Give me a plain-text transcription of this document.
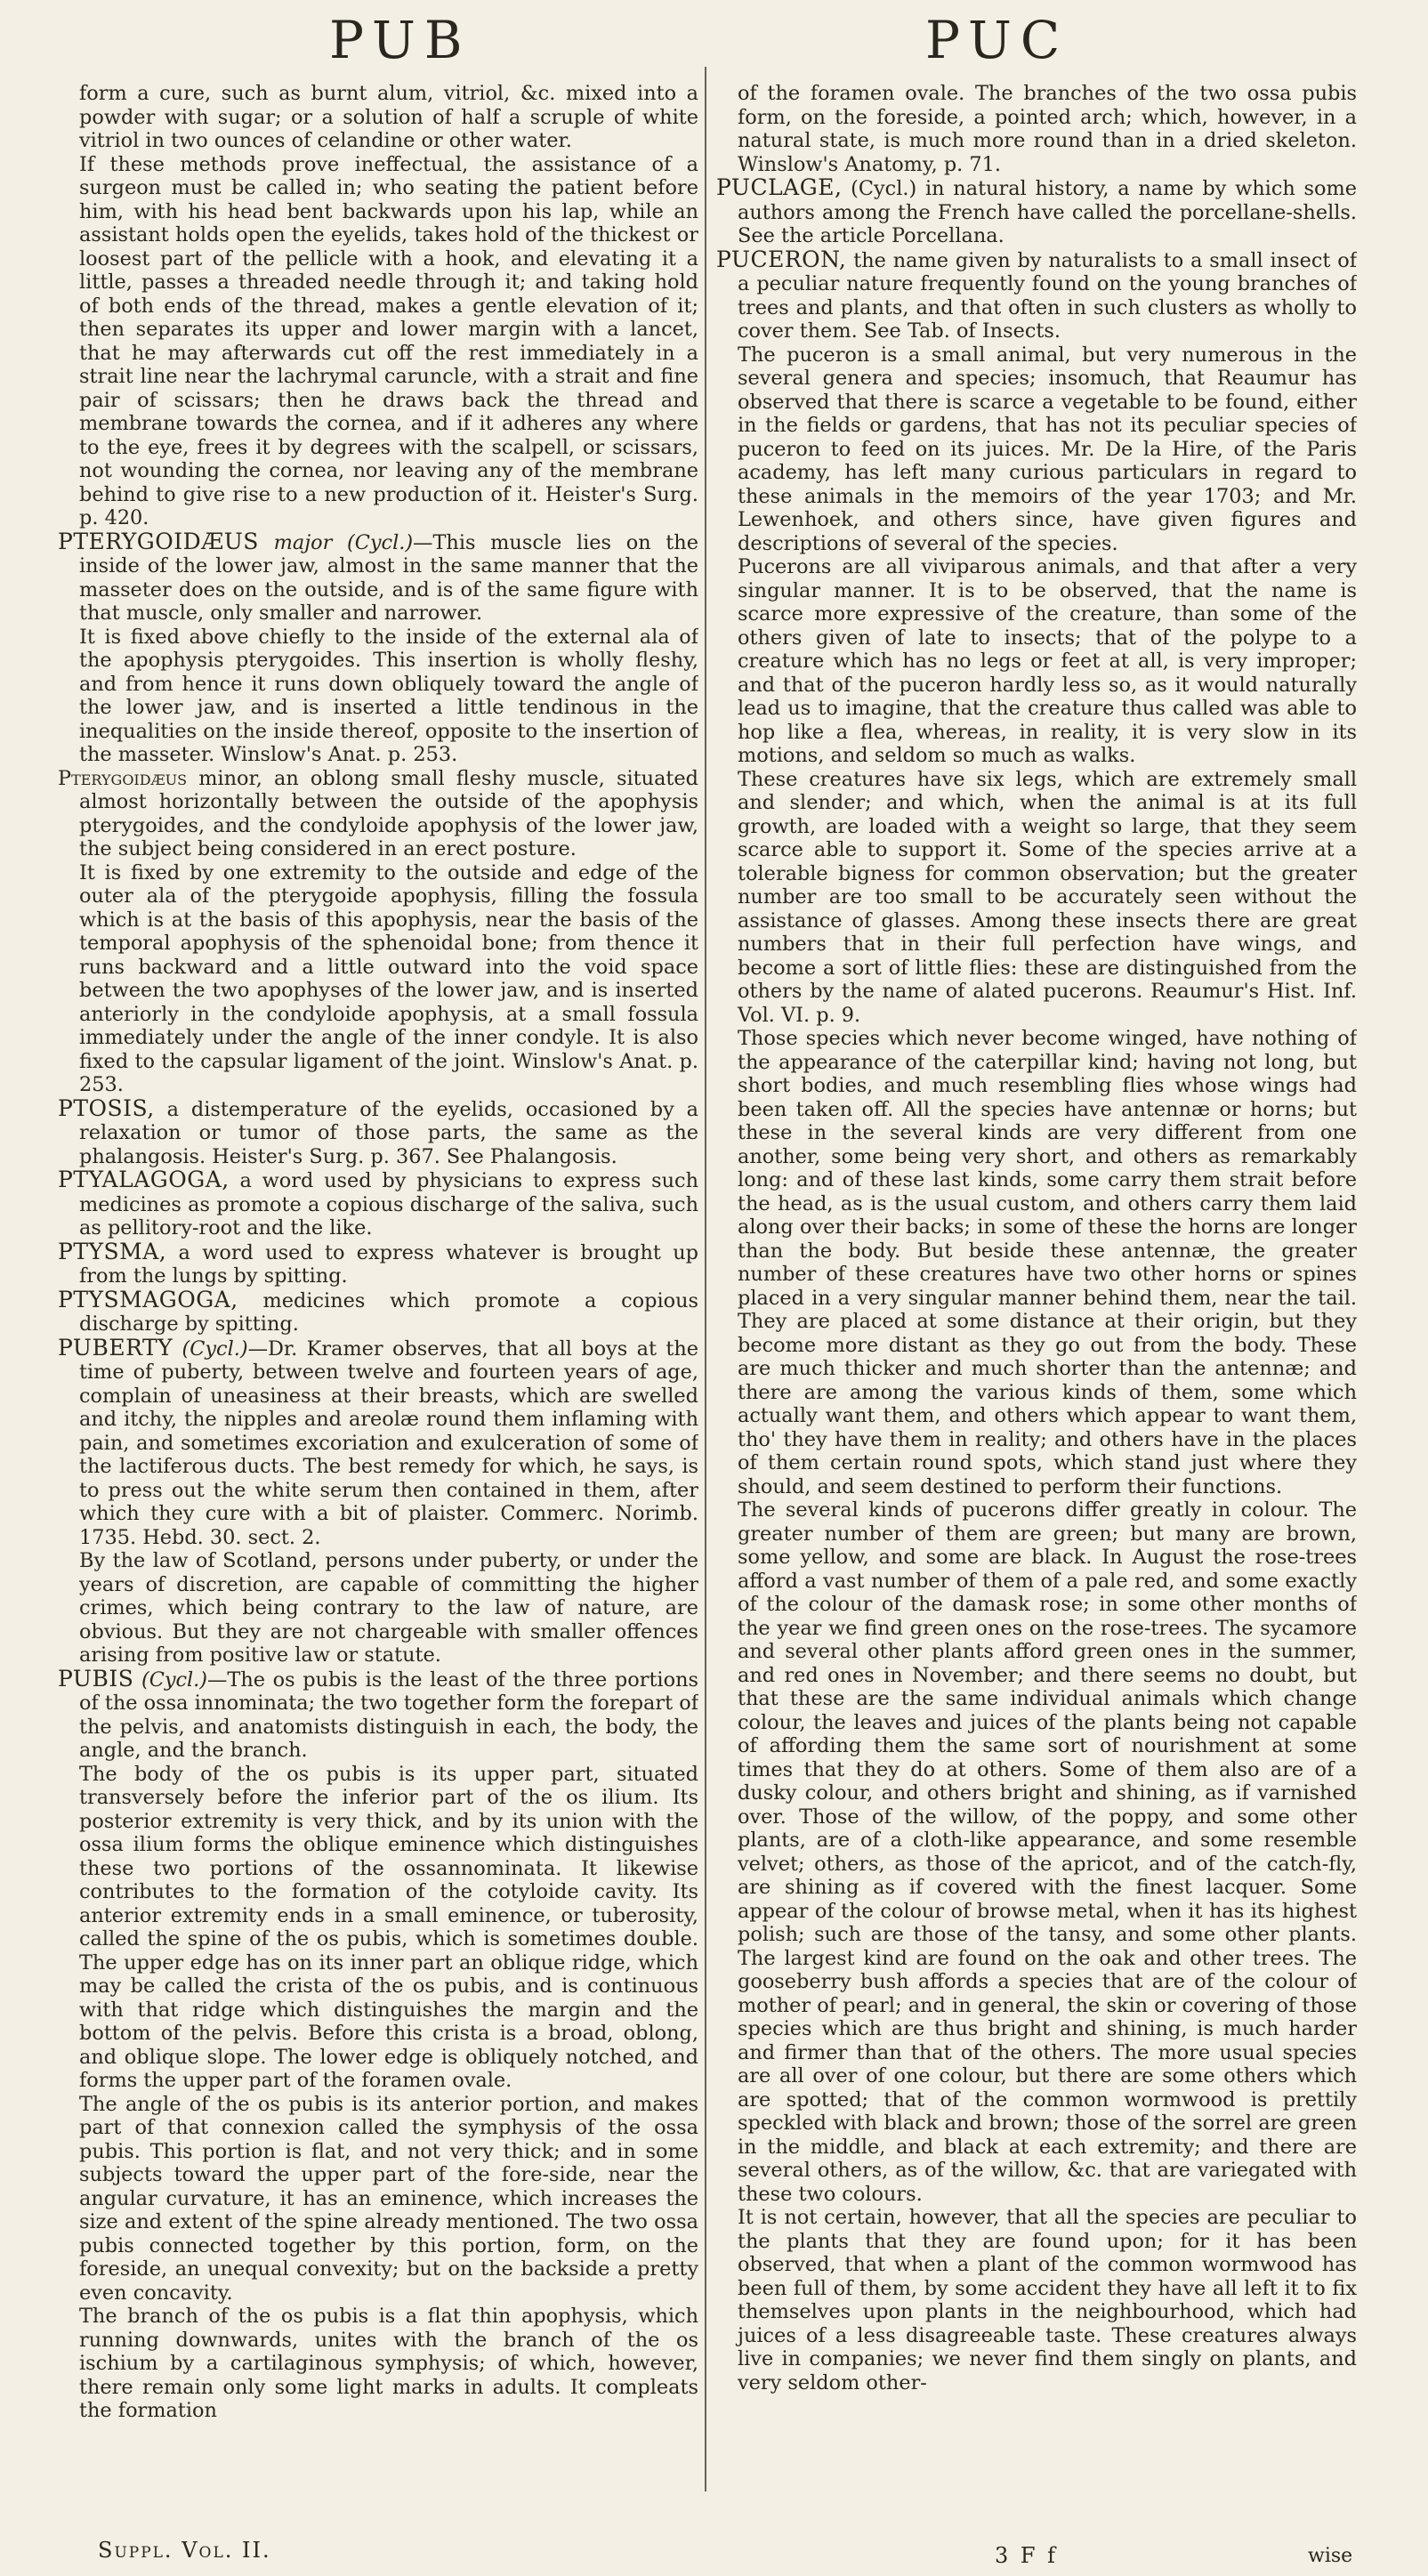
PUB	PUC

form a cure, such as burnt alum, vitriol, &c. mixed into a powder with sugar; or a solution of half a scruple of white vitriol in two ounces of celandine or other water.

If these methods prove ineffectual, the assistance of a surgeon must be called in; who seating the patient before him, with his head bent backwards upon his lap, while an assistant holds open the eyelids, takes hold of the thickest or loosest part of the pellicle with a hook, and elevating it a little, passes a threaded needle through it; and taking hold of both ends of the thread, makes a gentle elevation of it; then separates its upper and lower margin with a lancet, that he may afterwards cut off the rest immediately in a strait line near the lachrymal caruncle, with a strait and fine pair of scissars; then he draws back the thread and membrane towards the cornea, and if it adheres any where to the eye, frees it by degrees with the scalpell, or scissars, not wounding the cornea, nor leaving any of the membrane behind to give rise to a new production of it. Heister's Surg. p. 420.

PTERYGOIDÆUS major (Cycl.)—This muscle lies on the inside of the lower jaw, almost in the same manner that the masseter does on the outside, and is of the same figure with that muscle, only smaller and narrower.

It is fixed above chiefly to the inside of the external ala of the apophysis pterygoides. This insertion is wholly fleshy, and from hence it runs down obliquely toward the angle of the lower jaw, and is inserted a little tendinous in the inequalities on the inside thereof, opposite to the insertion of the masseter. Winslow's Anat. p. 253.

Pterygoidæus minor, an oblong small fleshy muscle, situated almost horizontally between the outside of the apophysis pterygoides, and the condyloide apophysis of the lower jaw, the subject being considered in an erect posture.

It is fixed by one extremity to the outside and edge of the outer ala of the pterygoide apophysis, filling the fossula which is at the basis of this apophysis, near the basis of the temporal apophysis of the sphenoidal bone; from thence it runs backward and a little outward into the void space between the two apophyses of the lower jaw, and is inserted anteriorly in the condyloide apophysis, at a small fossula immediately under the angle of the inner condyle. It is also fixed to the capsular ligament of the joint. Winslow's Anat. p. 253.

PTOSIS, a distemperature of the eyelids, occasioned by a relaxation or tumor of those parts, the same as the phalangosis. Heister's Surg. p. 367. See Phalangosis.

PTYALAGOGA, a word used by physicians to express such medicines as promote a copious discharge of the saliva, such as pellitory-root and the like.

PTYSMA, a word used to express whatever is brought up from the lungs by spitting.

PTYSMAGOGA, medicines which promote a copious discharge by spitting.

PUBERTY (Cycl.)—Dr. Kramer observes, that all boys at the time of puberty, between twelve and fourteen years of age, complain of uneasiness at their breasts, which are swelled and itchy, the nipples and areolæ round them inflaming with pain, and sometimes excoriation and exulceration of some of the lactiferous ducts. The best remedy for which, he says, is to press out the white serum then contained in them, after which they cure with a bit of plaister. Commerc. Norimb. 1735. Hebd. 30. sect. 2.

By the law of Scotland, persons under puberty, or under the years of discretion, are capable of committing the higher crimes, which being contrary to the law of nature, are obvious. But they are not chargeable with smaller offences arising from positive law or statute.

PUBIS (Cycl.)—The os pubis is the least of the three portions of the ossa innominata; the two together form the forepart of the pelvis, and anatomists distinguish in each, the body, the angle, and the branch.

The body of the os pubis is its upper part, situated transversely before the inferior part of the os ilium. Its posterior extremity is very thick, and by its union with the ossa ilium forms the oblique eminence which distinguishes these two portions of the ossannominata. It likewise contributes to the formation of the cotyloide cavity. Its anterior extremity ends in a small eminence, or tuberosity, called the spine of the os pubis, which is sometimes double. The upper edge has on its inner part an oblique ridge, which may be called the crista of the os pubis, and is continuous with that ridge which distinguishes the margin and the bottom of the pelvis. Before this crista is a broad, oblong, and oblique slope. The lower edge is obliquely notched, and forms the upper part of the foramen ovale.

The angle of the os pubis is its anterior portion, and makes part of that connexion called the symphysis of the ossa pubis. This portion is flat, and not very thick; and in some subjects toward the upper part of the fore-side, near the angular curvature, it has an eminence, which increases the size and extent of the spine already mentioned. The two ossa pubis connected together by this portion, form, on the foreside, an unequal convexity; but on the backside a pretty even concavity.

The branch of the os pubis is a flat thin apophysis, which running downwards, unites with the branch of the os ischium by a cartilaginous symphysis; of which, however, there remain only some light marks in adults. It compleats the formation

of the foramen ovale. The branches of the two ossa pubis form, on the foreside, a pointed arch; which, however, in a natural state, is much more round than in a dried skeleton. Winslow's Anatomy, p. 71.

PUCLAGE, (Cycl.) in natural history, a name by which some authors among the French have called the porcellane-shells. See the article Porcellana.

PUCERON, the name given by naturalists to a small insect of a peculiar nature frequently found on the young branches of trees and plants, and that often in such clusters as wholly to cover them. See Tab. of Insects.

The puceron is a small animal, but very numerous in the several genera and species; insomuch, that Reaumur has observed that there is scarce a vegetable to be found, either in the fields or gardens, that has not its peculiar species of puceron to feed on its juices. Mr. De la Hire, of the Paris academy, has left many curious particulars in regard to these animals in the memoirs of the year 1703; and Mr. Lewenhoek, and others since, have given figures and descriptions of several of the species.

Pucerons are all viviparous animals, and that after a very singular manner. It is to be observed, that the name is scarce more expressive of the creature, than some of the others given of late to insects; that of the polype to a creature which has no legs or feet at all, is very improper; and that of the puceron hardly less so, as it would naturally lead us to imagine, that the creature thus called was able to hop like a flea, whereas, in reality, it is very slow in its motions, and seldom so much as walks.

These creatures have six legs, which are extremely small and slender; and which, when the animal is at its full growth, are loaded with a weight so large, that they seem scarce able to support it. Some of the species arrive at a tolerable bigness for common observation; but the greater number are too small to be accurately seen without the assistance of glasses. Among these insects there are great numbers that in their full perfection have wings, and become a sort of little flies: these are distinguished from the others by the name of alated pucerons. Reaumur's Hist. Inf. Vol. VI. p. 9.

Those species which never become winged, have nothing of the appearance of the caterpillar kind; having not long, but short bodies, and much resembling flies whose wings had been taken off. All the species have antennæ or horns; but these in the several kinds are very different from one another, some being very short, and others as remarkably long: and of these last kinds, some carry them strait before the head, as is the usual custom, and others carry them laid along over their backs; in some of these the horns are longer than the body. But beside these antennæ, the greater number of these creatures have two other horns or spines placed in a very singular manner behind them, near the tail. They are placed at some distance at their origin, but they become more distant as they go out from the body. These are much thicker and much shorter than the antennæ; and there are among the various kinds of them, some which actually want them, and others which appear to want them, tho' they have them in reality; and others have in the places of them certain round spots, which stand just where they should, and seem destined to perform their functions.

The several kinds of pucerons differ greatly in colour. The greater number of them are green; but many are brown, some yellow, and some are black. In August the rose-trees afford a vast number of them of a pale red, and some exactly of the colour of the damask rose; in some other months of the year we find green ones on the rose-trees. The sycamore and several other plants afford green ones in the summer, and red ones in November; and there seems no doubt, but that these are the same individual animals which change colour, the leaves and juices of the plants being not capable of affording them the same sort of nourishment at some times that they do at others. Some of them also are of a dusky colour, and others bright and shining, as if varnished over. Those of the willow, of the poppy, and some other plants, are of a cloth-like appearance, and some resemble velvet; others, as those of the apricot, and of the catch-fly, are shining as if covered with the finest lacquer. Some appear of the colour of browse metal, when it has its highest polish; such are those of the tansy, and some other plants. The largest kind are found on the oak and other trees. The gooseberry bush affords a species that are of the colour of mother of pearl; and in general, the skin or covering of those species which are thus bright and shining, is much harder and firmer than that of the others. The more usual species are all over of one colour, but there are some others which are spotted; that of the common wormwood is prettily speckled with black and brown; those of the sorrel are green in the middle, and black at each extremity; and there are several others, as of the willow, &c. that are variegated with these two colours.

It is not certain, however, that all the species are peculiar to the plants that they are found upon; for it has been observed, that when a plant of the common wormwood has been full of them, by some accident they have all left it to fix themselves upon plants in the neighbourhood, which had juices of a less disagreeable taste. These creatures always live in companies; we never find them singly on plants, and very seldom other-

Suppl. Vol. II.	3 F f	wise
